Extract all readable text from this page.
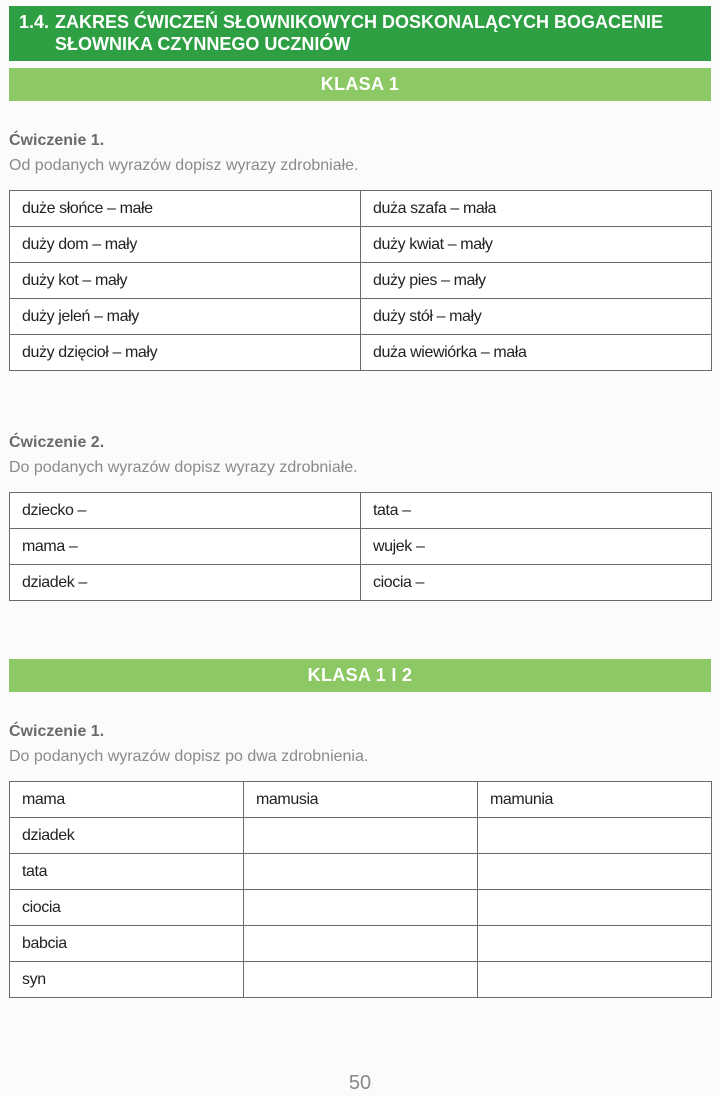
1.4. ZAKRES ĆWICZEŃ SŁOWNIKOWYCH DOSKONALĄCYCH BOGACENIE SŁOWNIKA CZYNNEGO UCZNIÓW
KLASA 1
Ćwiczenie 1.
Od podanych wyrazów dopisz wyrazy zdrobniałe.
duże słońce – małe	duża szafa – mała
duży dom – mały	duży kwiat – mały
duży kot – mały	duży pies – mały
duży jeleń – mały	duży stół – mały
duży dzięcioł – mały	duża wiewiórka – mała
Ćwiczenie 2.
Do podanych wyrazów dopisz wyrazy zdrobniałe.
dziecko –	tata –
mama –	wujek –
dziadek –	ciocia –
KLASA 1 I 2
Ćwiczenie 1.
Do podanych wyrazów dopisz po dwa zdrobnienia.
mama	mamusia	mamunia
dziadek		
tata		
ciocia		
babcia		
syn		
50
